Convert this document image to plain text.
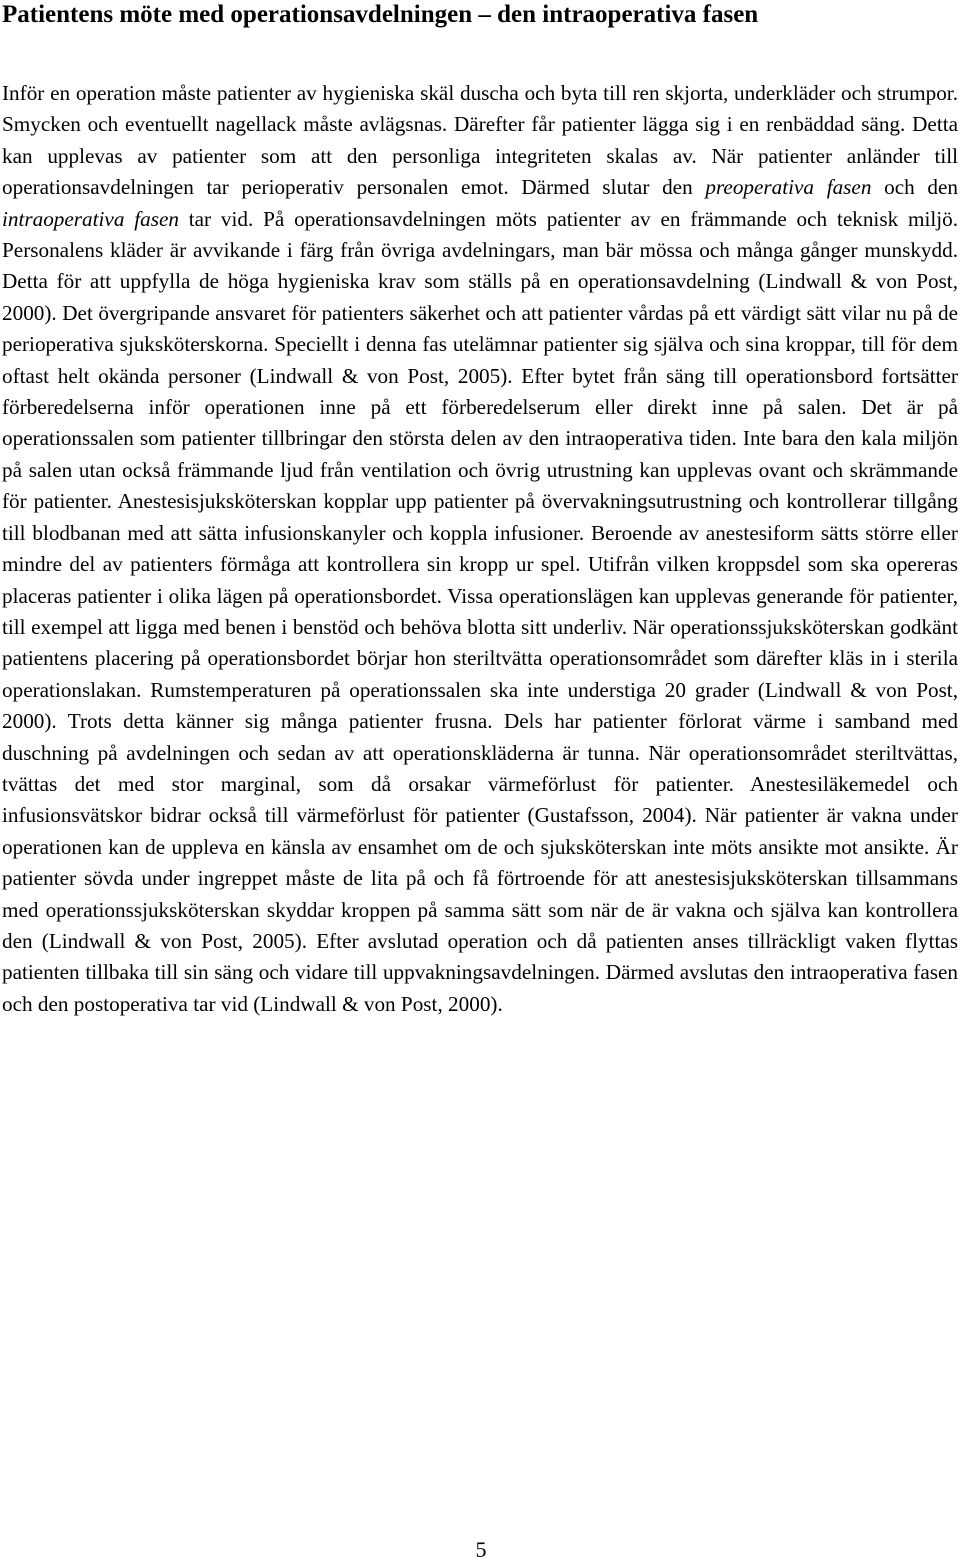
Patientens möte med operationsavdelningen – den intraoperativa fasen

Inför en operation måste patienter av hygieniska skäl duscha och byta till ren skjorta, underkläder och strumpor. Smycken och eventuellt nagellack måste avlägsnas. Därefter får patienter lägga sig i en renbäddad säng. Detta kan upplevas av patienter som att den personliga integriteten skalas av. När patienter anländer till operationsavdelningen tar perioperativ personalen emot. Därmed slutar den preoperativa fasen och den intraoperativa fasen tar vid. På operationsavdelningen möts patienter av en främmande och teknisk miljö. Personalens kläder är avvikande i färg från övriga avdelningars, man bär mössa och många gånger munskydd. Detta för att uppfylla de höga hygieniska krav som ställs på en operationsavdelning (Lindwall & von Post, 2000). Det övergripande ansvaret för patienters säkerhet och att patienter vårdas på ett värdigt sätt vilar nu på de perioperativa sjuksköterskorna. Speciellt i denna fas utelämnar patienter sig själva och sina kroppar, till för dem oftast helt okända personer (Lindwall & von Post, 2005). Efter bytet från säng till operationsbord fortsätter förberedelserna inför operationen inne på ett förberedelserum eller direkt inne på salen. Det är på operationssalen som patienter tillbringar den största delen av den intraoperativa tiden. Inte bara den kala miljön på salen utan också främmande ljud från ventilation och övrig utrustning kan upplevas ovant och skrämmande för patienter. Anestesisjuksköterskan kopplar upp patienter på övervakningsutrustning och kontrollerar tillgång till blodbanan med att sätta infusionskanyler och koppla infusioner. Beroende av anestesiform sätts större eller mindre del av patienters förmåga att kontrollera sin kropp ur spel. Utifrån vilken kroppsdel som ska opereras placeras patienter i olika lägen på operationsbordet. Vissa operationslägen kan upplevas generande för patienter, till exempel att ligga med benen i benstöd och behöva blotta sitt underliv. När operationssjuksköterskan godkänt patientens placering på operationsbordet börjar hon steriltvätta operationsområdet som därefter kläs in i sterila operationslakan. Rumstemperaturen på operationssalen ska inte understiga 20 grader (Lindwall & von Post, 2000). Trots detta känner sig många patienter frusna. Dels har patienter förlorat värme i samband med duschning på avdelningen och sedan av att operationskläderna är tunna. När operationsområdet steriltvättas, tvättas det med stor marginal, som då orsakar värmeförlust för patienter. Anestesiläkemedel och infusionsvätskor bidrar också till värmeförlust för patienter (Gustafsson, 2004). När patienter är vakna under operationen kan de uppleva en känsla av ensamhet om de och sjuksköterskan inte möts ansikte mot ansikte. Är patienter sövda under ingreppet måste de lita på och få förtroende för att anestesisjuksköterskan tillsammans med operationssjuksköterskan skyddar kroppen på samma sätt som när de är vakna och själva kan kontrollera den (Lindwall & von Post, 2005). Efter avslutad operation och då patienten anses tillräckligt vaken flyttas patienten tillbaka till sin säng och vidare till uppvakningsavdelningen. Därmed avslutas den intraoperativa fasen och den postoperativa tar vid (Lindwall & von Post, 2000).

5
